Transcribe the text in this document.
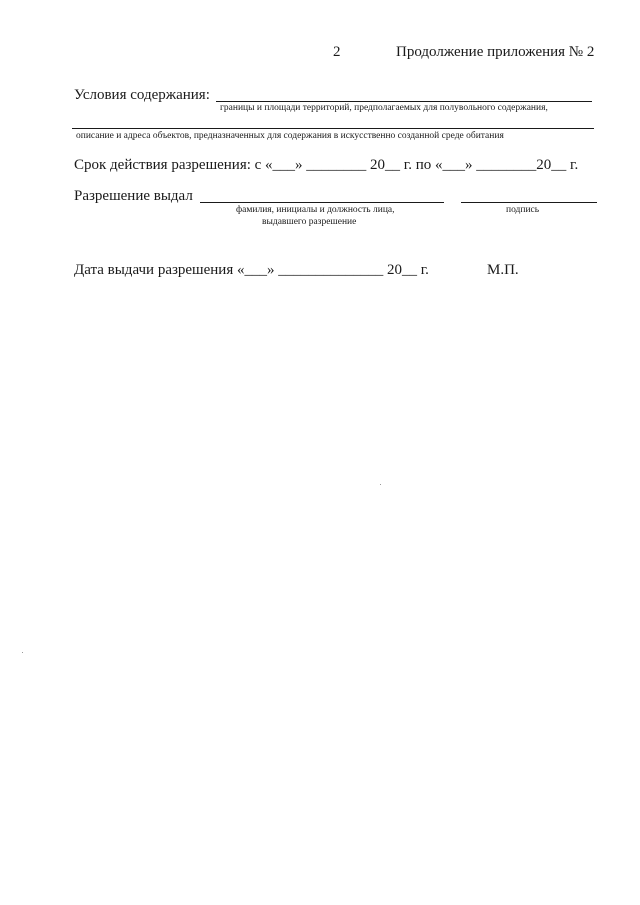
2	Продолжение приложения № 2
Условия содержания:
границы и площади территорий, предполагаемых для полувольного содержания,
описание и адреса объектов, предназначенных для содержания в искусственно созданной среде обитания
Срок действия разрешения: с «___» ________ 20__ г. по «___» ________20__ г.
Разрешение выдал
фамилия, инициалы и должность лица,
выдавшего разрешение
подпись
Дата выдачи разрешения «___» ______________ 20__ г.	М.П.
